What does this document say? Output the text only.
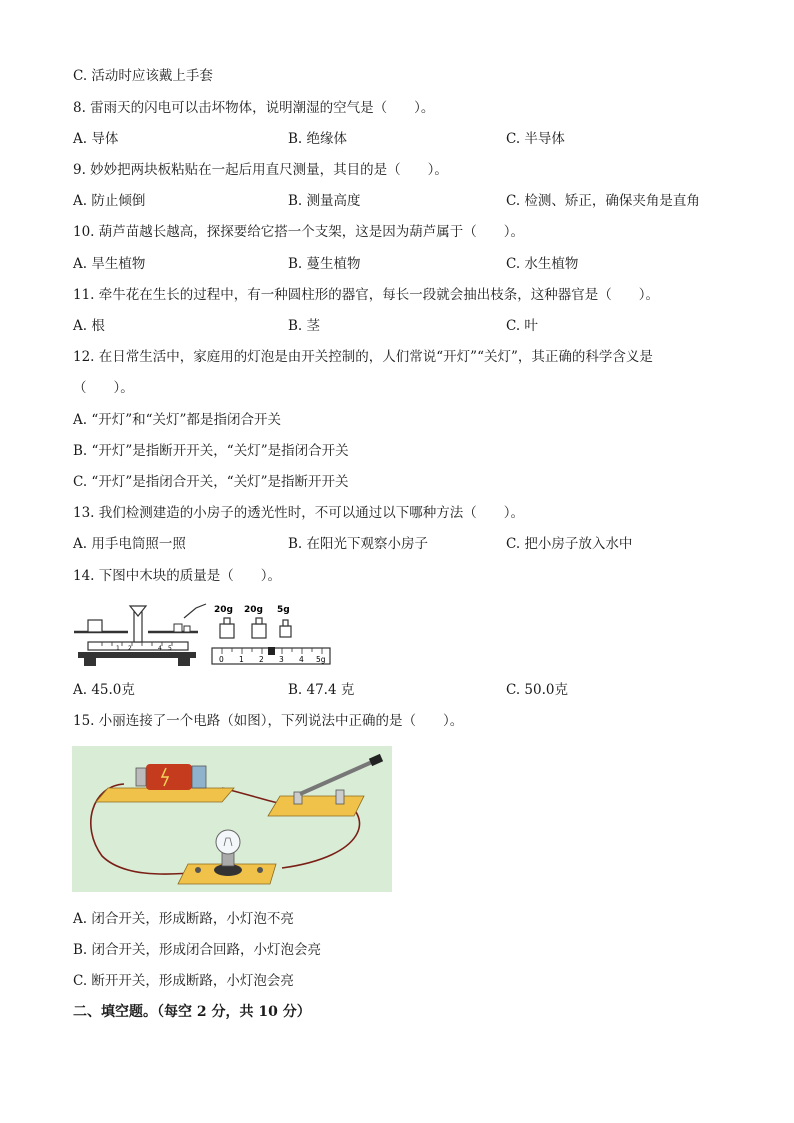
C. 活动时应该戴上手套
8. 雷雨天的闪电可以击坏物体，说明潮湿的空气是（　　）。
A. 导体	B. 绝缘体	C. 半导体
9. 妙妙把两块板粘贴在一起后用直尺测量，其目的是（　　）。
A. 防止倾倒	B. 测量高度	C. 检测、矫正，确保夹角是直角
10. 葫芦苗越长越高，探探要给它搭一个支架，这是因为葫芦属于（　　）。
A. 旱生植物	B. 蔓生植物	C. 水生植物
11. 牵牛花在生长的过程中，有一种圆柱形的器官，每长一段就会抽出枝条，这种器官是（　　）。
A. 根	B. 茎	C. 叶
12. 在日常生活中，家庭用的灯泡是由开关控制的，人们常说“开灯”“关灯”，其正确的科学含义是
（　　）。
A. “开灯”和“关灯”都是指闭合开关
B. “开灯”是指断开开关，“关灯”是指闭合开关
C. “开灯”是指闭合开关，“关灯”是指断开开关
13. 我们检测建造的小房子的透光性时，不可以通过以下哪种方法（　　）。
A. 用手电筒照一照	B. 在阳光下观察小房子	C. 把小房子放入水中
14. 下图中木块的质量是（　　）。
1 2	4 5
20g 20g 5g
0 1 2 3 4 5g
A. 45.0克	B. 47.4 克	C. 50.0克
15. 小丽连接了一个电路（如图），下列说法中正确的是（　　）。
A. 闭合开关，形成断路，小灯泡不亮
B. 闭合开关，形成闭合回路，小灯泡会亮
C. 断开开关，形成断路，小灯泡会亮
二、填空题。（每空 2 分，共 10 分）
